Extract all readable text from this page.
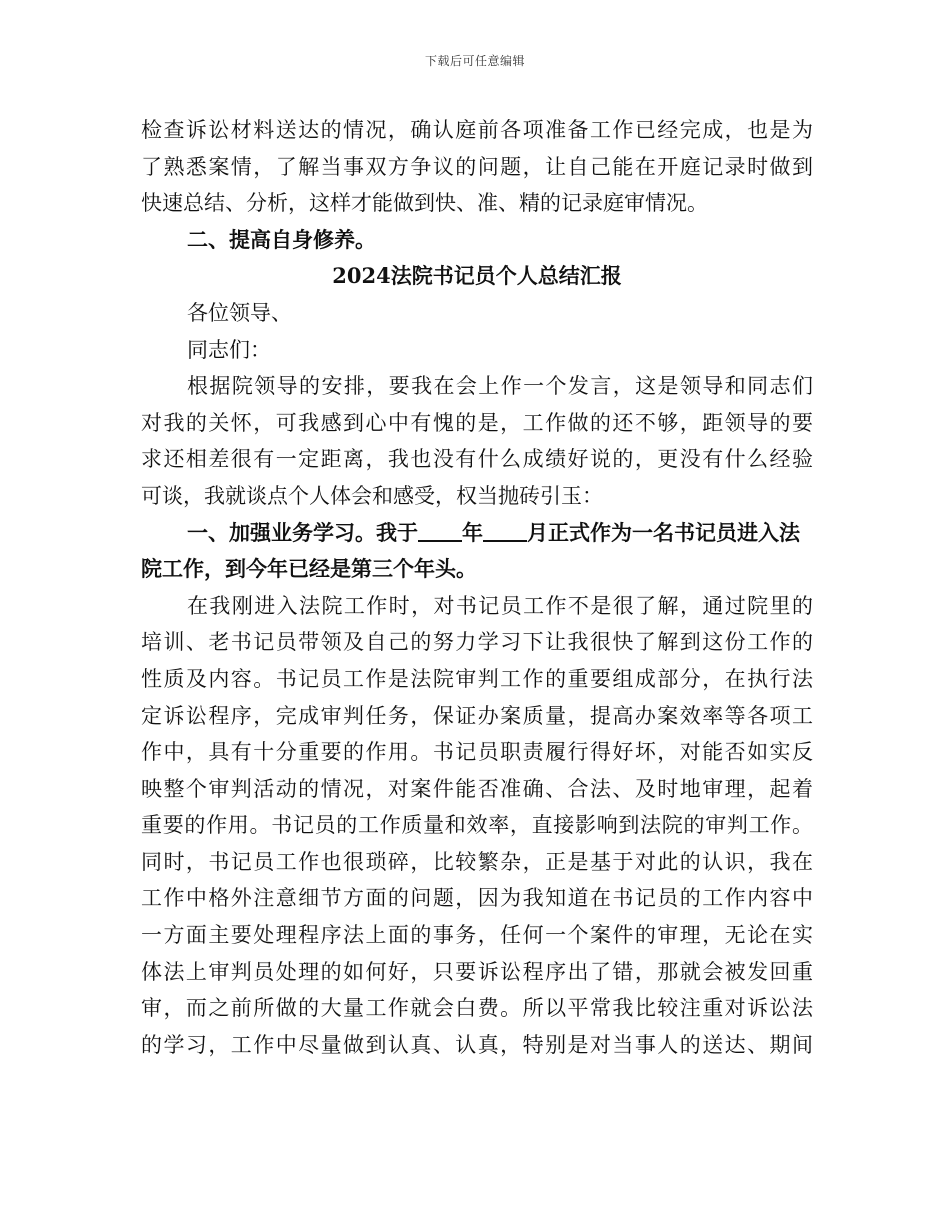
下载后可任意编辑
检查诉讼材料送达的情况，确认庭前各项准备工作已经完成，也是为
了熟悉案情，了解当事双方争议的问题，让自己能在开庭记录时做到
快速总结、分析，这样才能做到快、准、精的记录庭审情况。
二、提高自身修养。
2024法院书记员个人总结汇报
各位领导、
同志们：
根据院领导的安排，要我在会上作一个发言，这是领导和同志们
对我的关怀，可我感到心中有愧的是，工作做的还不够，距领导的要
求还相差很有一定距离，我也没有什么成绩好说的，更没有什么经验
可谈，我就谈点个人体会和感受，权当抛砖引玉：
一、加强业务学习。我于 年 月正式作为一名书记员进入法
院工作，到今年已经是第三个年头。
在我刚进入法院工作时，对书记员工作不是很了解，通过院里的
培训、老书记员带领及自己的努力学习下让我很快了解到这份工作的
性质及内容。书记员工作是法院审判工作的重要组成部分，在执行法
定诉讼程序，完成审判任务，保证办案质量，提高办案效率等各项工
作中，具有十分重要的作用。书记员职责履行得好坏，对能否如实反
映整个审判活动的情况，对案件能否准确、合法、及时地审理，起着
重要的作用。书记员的工作质量和效率，直接影响到法院的审判工作。
同时，书记员工作也很琐碎，比较繁杂，正是基于对此的认识，我在
工作中格外注意细节方面的问题，因为我知道在书记员的工作内容中
一方面主要处理程序法上面的事务，任何一个案件的审理，无论在实
体法上审判员处理的如何好，只要诉讼程序出了错，那就会被发回重
审，而之前所做的大量工作就会白费。所以平常我比较注重对诉讼法
的学习，工作中尽量做到认真、认真，特别是对当事人的送达、期间
